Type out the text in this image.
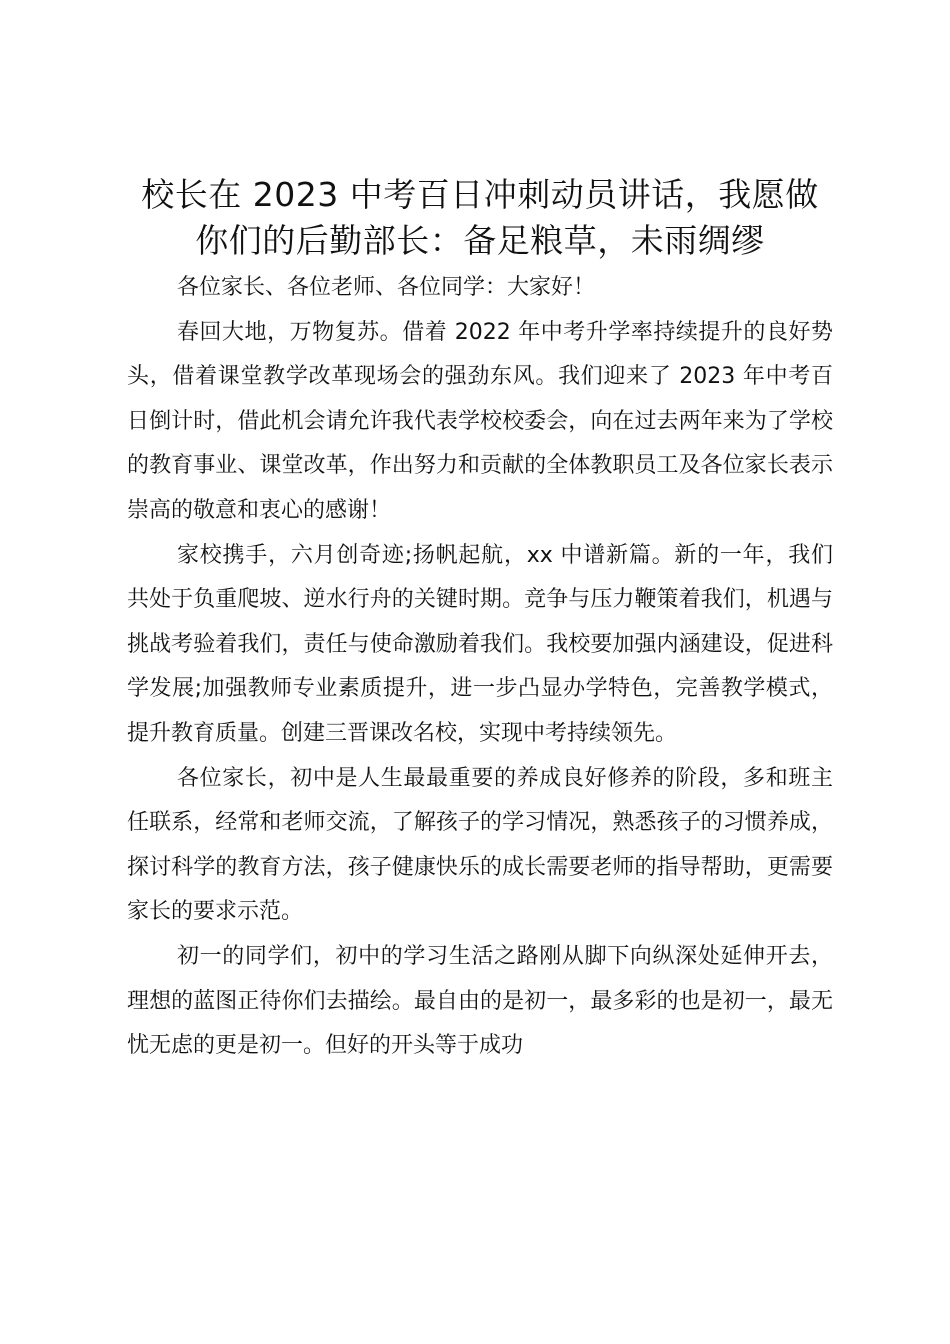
校长在 2023 中考百日冲刺动员讲话，我愿做
你们的后勤部长：备足粮草，未雨绸缪

各位家长、各位老师、各位同学：大家好！

春回大地，万物复苏。借着 2022 年中考升学率持续提升的良好势头，借着课堂教学改革现场会的强劲东风。我们迎来了 2023 年中考百日倒计时，借此机会请允许我代表学校校委会，向在过去两年来为了学校的教育事业、课堂改革，作出努力和贡献的全体教职员工及各位家长表示崇高的敬意和衷心的感谢！

家校携手，六月创奇迹;扬帆起航，xx 中谱新篇。新的一年，我们共处于负重爬坡、逆水行舟的关键时期。竞争与压力鞭策着我们，机遇与挑战考验着我们，责任与使命激励着我们。我校要加强内涵建设，促进科学发展;加强教师专业素质提升，进一步凸显办学特色，完善教学模式，提升教育质量。创建三晋课改名校，实现中考持续领先。

各位家长，初中是人生最最重要的养成良好修养的阶段，多和班主任联系，经常和老师交流，了解孩子的学习情况，熟悉孩子的习惯养成，探讨科学的教育方法，孩子健康快乐的成长需要老师的指导帮助，更需要家长的要求示范。

初一的同学们，初中的学习生活之路刚从脚下向纵深处延伸开去，理想的蓝图正待你们去描绘。最自由的是初一，最多彩的也是初一，最无忧无虑的更是初一。但好的开头等于成功
